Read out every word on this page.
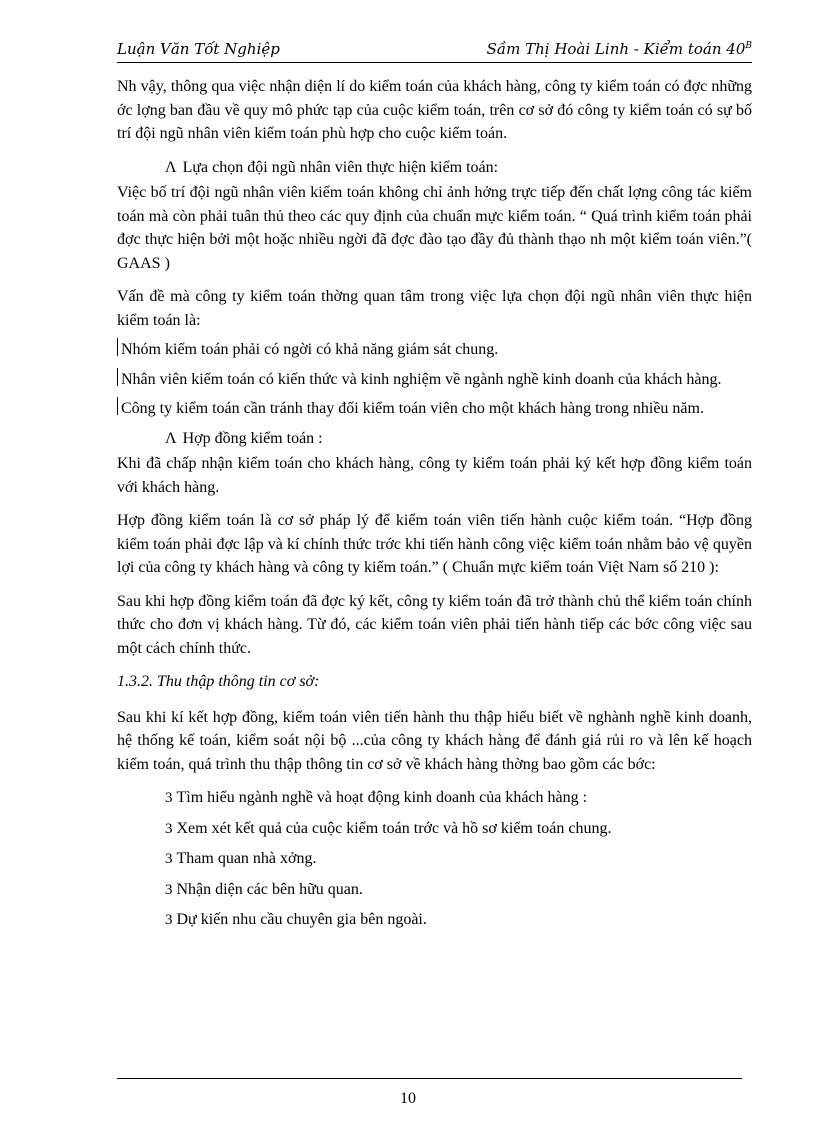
Luận Văn Tốt Nghiệp	Sầm Thị Hoài Linh - Kiểm toán $40^B$

Nh vậy, thông qua việc nhận diện lí do kiểm toán của khách hàng, công ty kiểm toán có đợc những ớc lợng ban đầu về quy mô phức tạp của cuộc kiểm toán, trên cơ sở đó công ty kiểm toán có sự bố trí đội ngũ nhân viên kiểm toán phù hợp cho cuộc kiểm toán.

Λ Lựa chọn đội ngũ nhân viên thực hiện kiểm toán:

Việc bố trí đội ngũ nhân viên kiểm toán không chỉ ảnh hởng trực tiếp đến chất lợng công tác kiểm toán mà còn phải tuân thủ theo các quy định của chuẩn mực kiểm toán. “ Quá trình kiểm toán phải đợc thực hiện bởi một hoặc nhiều ngời đã đợc đào tạo đầy đủ thành thạo nh một kiểm toán viên.”( GAAS )

Vấn đề mà công ty kiểm toán thờng quan tâm trong việc lựa chọn đội ngũ nhân viên thực hiện kiểm toán là:

Nhóm kiểm toán phải có ngời có khả năng giám sát chung.

Nhân viên kiểm toán có kiến thức và kinh nghiệm về ngành nghề kinh doanh của khách hàng.

Công ty kiểm toán cần tránh thay đổi kiểm toán viên cho một khách hàng trong nhiều năm.

Λ Hợp đồng kiểm toán :

Khi đã chấp nhận kiểm toán cho khách hàng, công ty kiểm toán phải ký kết hợp đồng kiểm toán với khách hàng.

Hợp đồng kiểm toán là cơ sở pháp lý để kiểm toán viên tiến hành cuộc kiểm toán. “Hợp đồng kiểm toán phải đợc lập và kí chính thức trớc khi tiến hành công việc kiểm toán nhằm bảo vệ quyền lợi của công ty khách hàng và công ty kiểm toán.” ( Chuẩn mực kiểm toán Việt Nam số 210 ):

Sau khi hợp đồng kiểm toán đã đợc ký kết, công ty kiểm toán đã trở thành chủ thể kiểm toán chính thức cho đơn vị khách hàng. Từ đó, các kiểm toán viên phải tiến hành tiếp các bớc công việc sau một cách chính thức.

1.3.2. Thu thập thông tin cơ sở:

Sau khi kí kết hợp đồng, kiểm toán viên tiến hành thu thập hiểu biết về nghành nghề kinh doanh, hệ thống kế toán, kiểm soát nội bộ ...của công ty khách hàng để đánh giá rủi ro và lên kế hoạch kiểm toán, quá trình thu thập thông tin cơ sở về khách hàng thờng bao gồm các bớc:

3 Tìm hiểu ngành nghề và hoạt động kinh doanh của khách hàng :
3 Xem xét kết quả của cuộc kiểm toán trớc và hồ sơ kiểm toán chung.
3 Tham quan nhà xởng.
3 Nhận diện các bên hữu quan.
3 Dự kiến nhu cầu chuyên gia bên ngoài.
10
